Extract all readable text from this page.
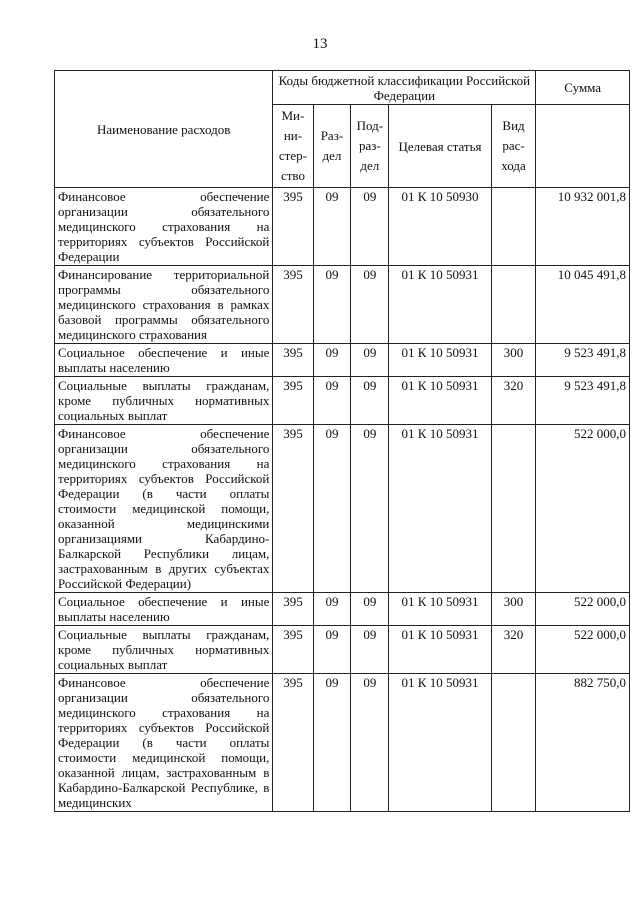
13
Наименование расходов	Коды бюджетной классификации Российской Федерации					Сумма
	Министерство	Раздел	Подраздел	Целевая статья	Вид расхода	
Финансовое обеспечение организации обязательного медицинского страхования на территориях субъектов Российской Федерации	395	09	09	01 К 10 50930		10 932 001,8
Финансирование территориальной программы обязательного медицинского страхования в рамках базовой программы обязательного медицинского страхования	395	09	09	01 К 10 50931		10 045 491,8
Социальное обеспечение и иные выплаты населению	395	09	09	01 К 10 50931	300	9 523 491,8
Социальные выплаты гражданам, кроме публичных нормативных социальных выплат	395	09	09	01 К 10 50931	320	9 523 491,8
Финансовое обеспечение организации обязательного медицинского страхования на территориях субъектов Российской Федерации (в части оплаты стоимости медицинской помощи, оказанной медицинскими организациями Кабардино-Балкарской Республики лицам, застрахованным в других субъектах Российской Федерации)	395	09	09	01 К 10 50931		522 000,0
Социальное обеспечение и иные выплаты населению	395	09	09	01 К 10 50931	300	522 000,0
Социальные выплаты гражданам, кроме публичных нормативных социальных выплат	395	09	09	01 К 10 50931	320	522 000,0
Финансовое обеспечение организации обязательного медицинского страхования на территориях субъектов Российской Федерации (в части оплаты стоимости медицинской помощи, оказанной лицам, застрахованным в Кабардино-Балкарской Республике, в медицинских	395	09	09	01 К 10 50931		882 750,0
